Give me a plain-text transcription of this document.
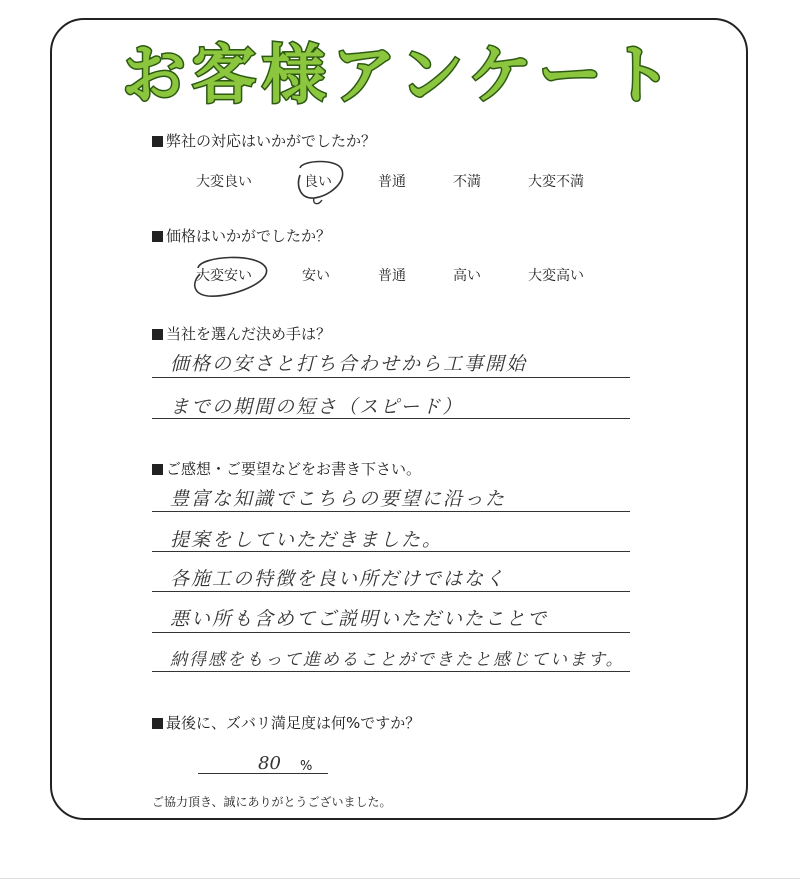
お客様アンケート
弊社の対応はいかがでしたか？
大変良い	良い	普通	不満	大変不満
価格はいかがでしたか？
大変安い	安い	普通	高い	大変高い
当社を選んだ決め手は？
価格の安さと打ち合わせから工事開始
までの期間の短さ（スピード）
ご感想・ご要望などをお書き下さい。
豊富な知識でこちらの要望に沿った
提案をしていただきました。
各施工の特徴を良い所だけではなく
悪い所も含めてご説明いただいたことで
納得感をもって進めることができたと感じています。
最後に、ズバリ満足度は何%ですか？
80 %
ご協力頂き、誠にありがとうございました。
